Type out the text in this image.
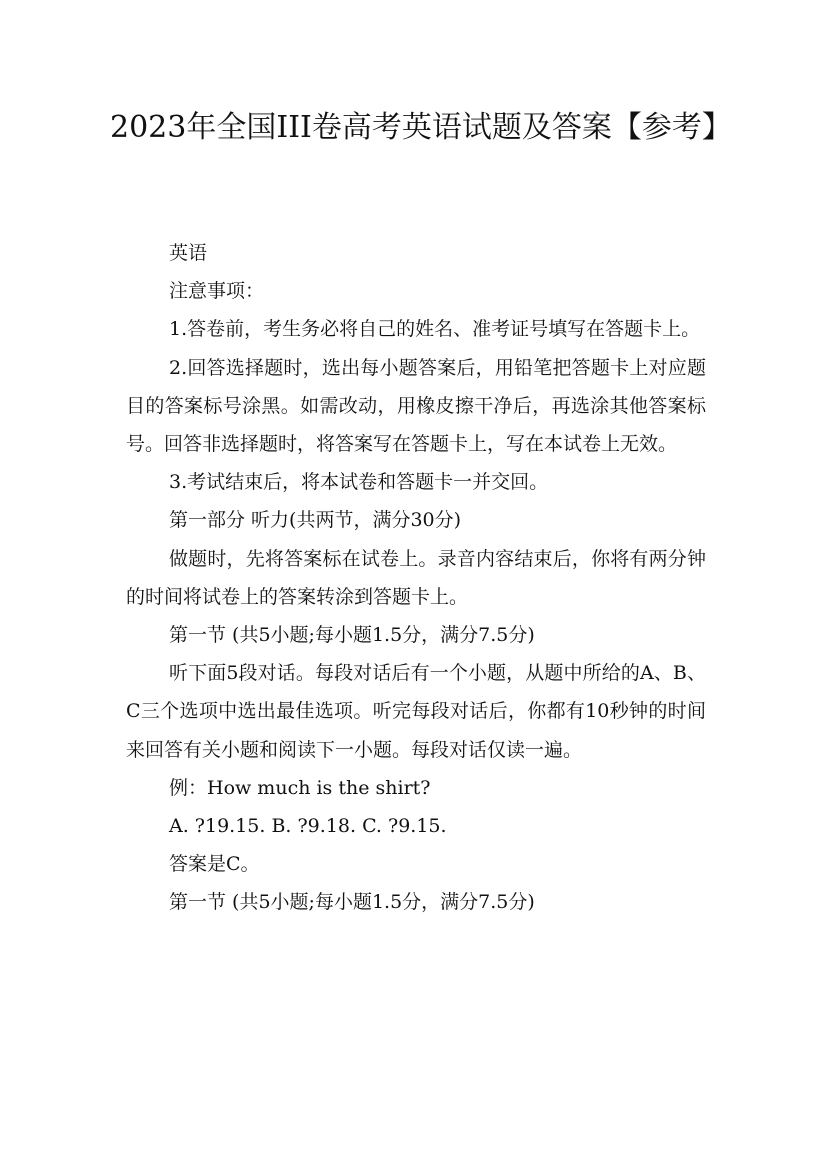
2023年全国III卷高考英语试题及答案【参考】

英语

注意事项：

1.答卷前，考生务必将自己的姓名、准考证号填写在答题卡上。

2.回答选择题时，选出每小题答案后，用铅笔把答题卡上对应题目的答案标号涂黑。如需改动，用橡皮擦干净后，再选涂其他答案标号。回答非选择题时，将答案写在答题卡上，写在本试卷上无效。

3.考试结束后，将本试卷和答题卡一并交回。

第一部分 听力(共两节，满分30分)

做题时，先将答案标在试卷上。录音内容结束后，你将有两分钟的时间将试卷上的答案转涂到答题卡上。

第一节 (共5小题;每小题1.5分，满分7.5分)

听下面5段对话。每段对话后有一个小题，从题中所给的A、B、C三个选项中选出最佳选项。听完每段对话后，你都有10秒钟的时间来回答有关小题和阅读下一小题。每段对话仅读一遍。

例：How much is the shirt?

A. ?19.15. B. ?9.18. C. ?9.15.

答案是C。

第一节 (共5小题;每小题1.5分，满分7.5分)
